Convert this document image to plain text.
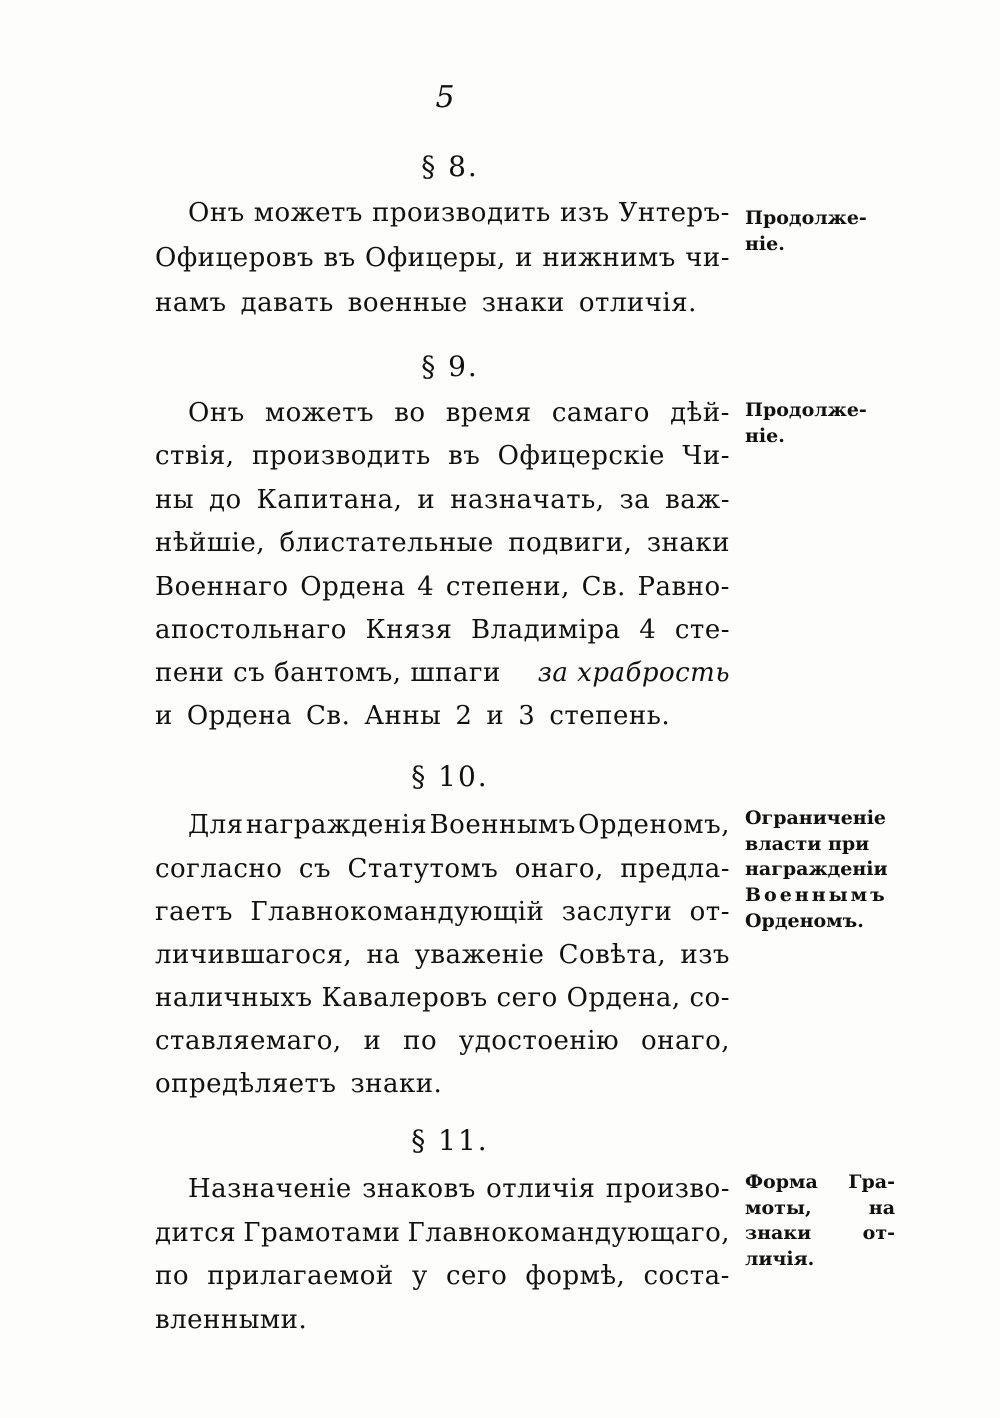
5
§ 8.
Онъ можетъ производить изъ Унтеръ-
Офицеровъ въ Офицеры, и нижнимъ чи-
намъ давать военные знаки отличія.
Продолже-
ніе.
§ 9.
Онъ можетъ во время самаго дѣй-
ствія, производить въ Офицерскіе Чи-
ны до Капитана, и назначать, за важ-
нѣйшіе, блистательные подвиги, знаки
Военнаго Ордена 4 степени, Св. Равно-
апостольнаго Князя Владиміра 4 сте-
пени съ бантомъ, шпаги за храбрость
и Ордена Св. Анны 2 и 3 степень.
Продолже-
ніе.
§ 10.
Для награжденія Военнымъ Орденомъ,
согласно съ Статутомъ онаго, предла-
гаетъ Главнокомандующій заслуги от-
личившагося, на уваженіе Совѣта, изъ
наличныхъ Кавалеровъ сего Ордена, со-
ставляемаго, и по удостоенію онаго,
опредѣляетъ знаки.
Ограниченіе
власти при
награжденіи
Военнымъ
Орденомъ.
§ 11.
Назначеніе знаковъ отличія произво-
дится Грамотами Главнокомандующаго,
по прилагаемой у сего формѣ, состa-
вленными.
Форма Гра-
моты,	на
знаки	от-
личія.
